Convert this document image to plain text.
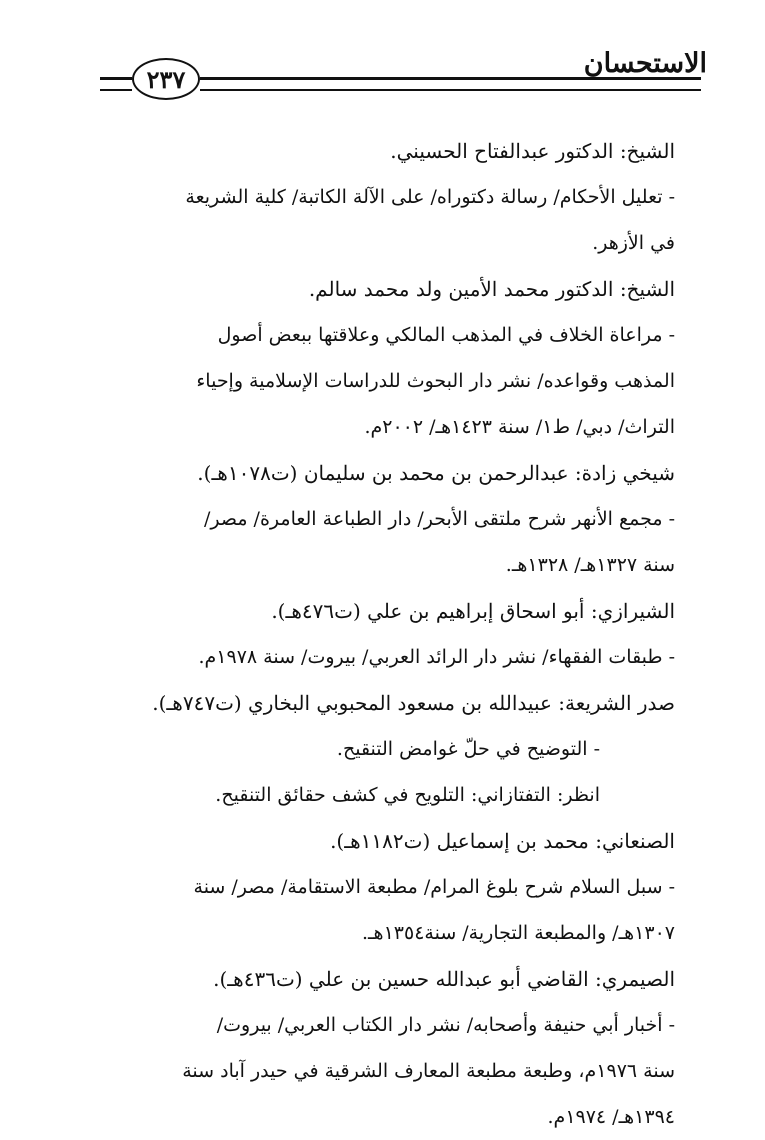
الاستحسان
٢٣٧
الشيخ: الدكتور عبدالفتاح الحسيني.
- تعليل الأحكام/ رسالة دكتوراه/ على الآلة الكاتبة/ كلية الشريعة
في الأزهر.
الشيخ: الدكتور محمد الأمين ولد محمد سالم.
- مراعاة الخلاف في المذهب المالكي وعلاقتها ببعض أصول
المذهب وقواعده/ نشر دار البحوث للدراسات الإسلامية وإحياء
التراث/ دبي/ ط١/ سنة ١٤٢٣هـ/ ٢٠٠٢م.
شيخي زادة: عبدالرحمن بن محمد بن سليمان (ت١٠٧٨هـ).
- مجمع الأنهر شرح ملتقى الأبحر/ دار الطباعة العامرة/ مصر/
سنة ١٣٢٧هـ/ ١٣٢٨هـ.
الشيرازي: أبو اسحاق إبراهيم بن علي (ت٤٧٦هـ).
- طبقات الفقهاء/ نشر دار الرائد العربي/ بيروت/ سنة ١٩٧٨م.
صدر الشريعة: عبيدالله بن مسعود المحبوبي البخاري (ت٧٤٧هـ).
- التوضيح في حلّ غوامض التنقيح.
انظر: التفتازاني: التلويح في كشف حقائق التنقيح.
الصنعاني: محمد بن إسماعيل (ت١١٨٢هـ).
- سبل السلام شرح بلوغ المرام/ مطبعة الاستقامة/ مصر/ سنة
١٣٠٧هـ/ والمطبعة التجارية/ سنة١٣٥٤هـ.
الصيمري: القاضي أبو عبدالله حسين بن علي (ت٤٣٦هـ).
- أخبار أبي حنيفة وأصحابه/ نشر دار الكتاب العربي/ بيروت/
سنة ١٩٧٦م، وطبعة مطبعة المعارف الشرقية في حيدر آباد سنة
١٣٩٤هـ/ ١٩٧٤م.
